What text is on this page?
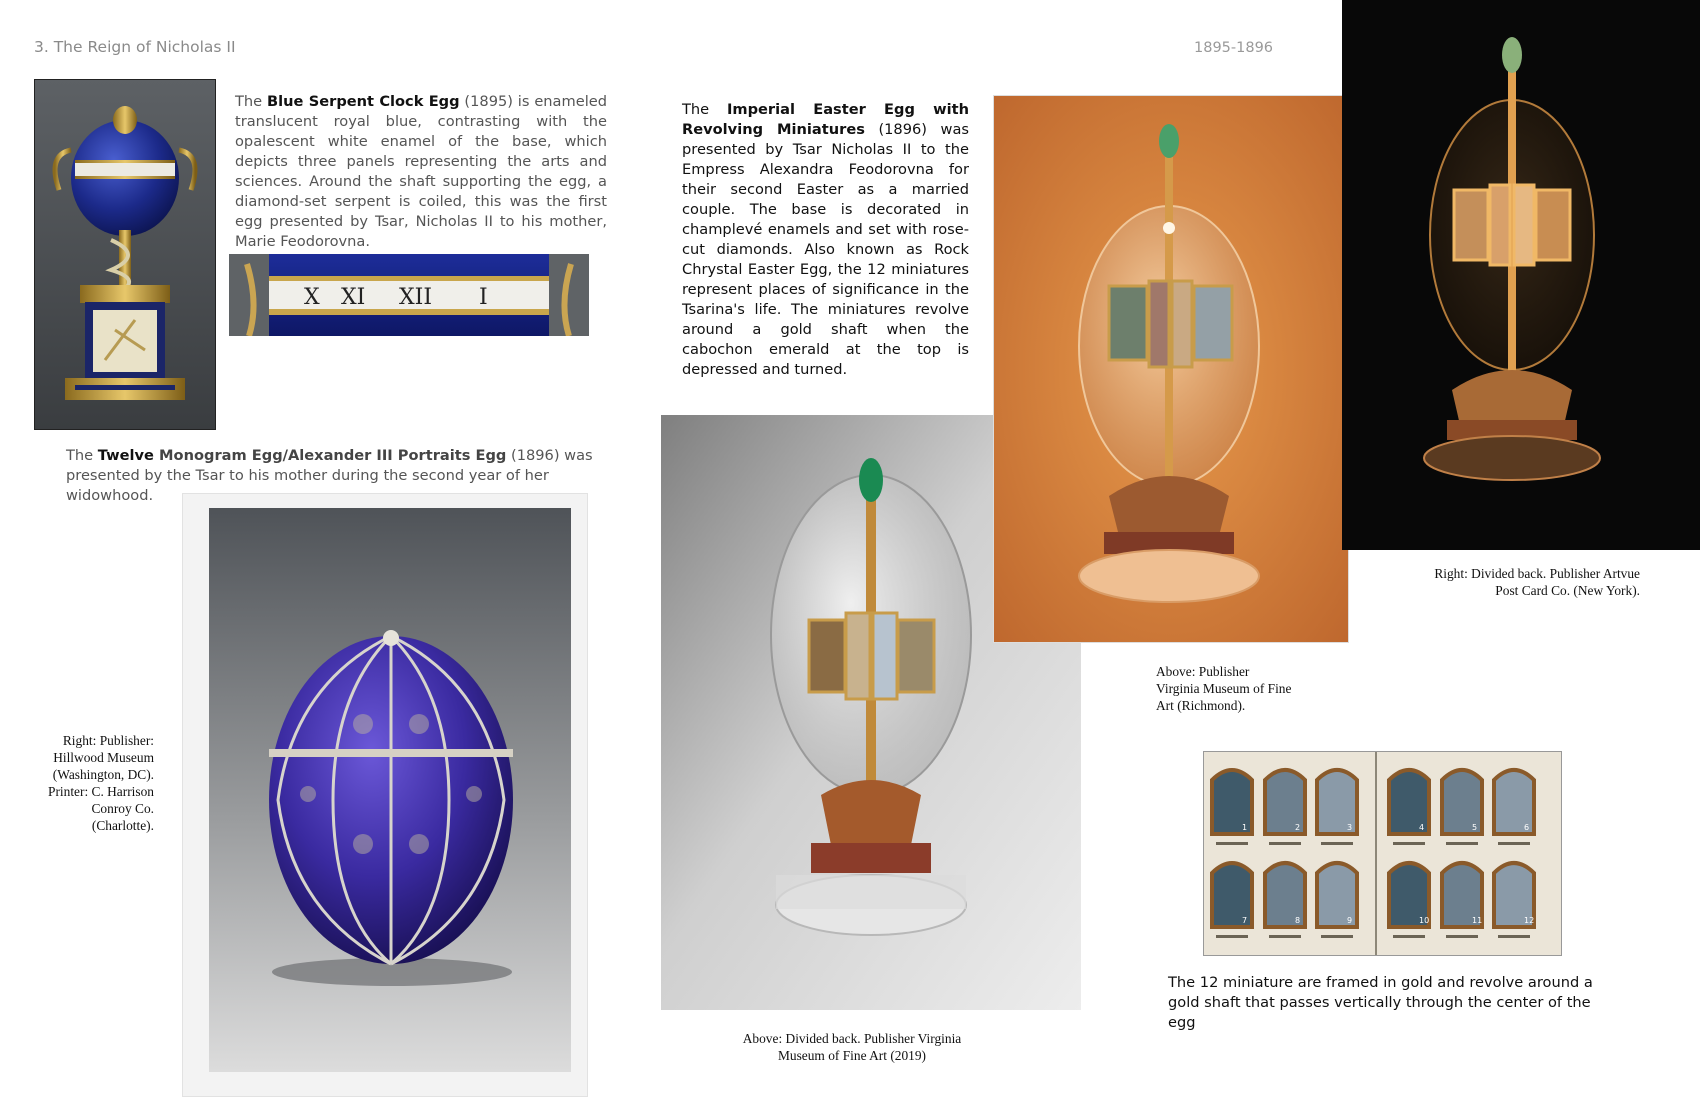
3. The Reign of Nicholas II	1895-1896
The Blue Serpent Clock Egg (1895) is enameled translucent royal blue, contrasting with the opalescent white enamel of the base, which depicts three panels representing the arts and sciences. Around the shaft supporting the egg, a diamond-set serpent is coiled, this was the first egg presented by Tsar, Nicholas II to his mother, Marie Feodorovna.
X XI XII I
The Twelve Monogram Egg/Alexander III Portraits Egg (1896) was presented by the Tsar to his mother during the second year of her widowhood.
Right: Publisher: Hillwood Museum (Washington, DC). Printer: C. Harrison Conroy Co. (Charlotte).
The Imperial Easter Egg with Revolving Miniatures (1896) was presented by Tsar Nicholas II to the Empress Alexandra Feodorovna for their second Easter as a married couple. The base is decorated in champlevé enamels and set with rose-cut diamonds. Also known as Rock Chrystal Easter Egg, the 12 miniatures represent places of significance in the Tsarina's life. The miniatures revolve around a gold shaft when the cabochon emerald at the top is depressed and turned.
Above: Divided back. Publisher Virginia Museum of Fine Art (2019)
Above: Publisher Virginia Museum of Fine Art (Richmond).
Right: Divided back. Publisher Artvue Post Card Co. (New York).
1	2	3	4	5	6
7	8	9	10	11	12
The 12 miniature are framed in gold and revolve around a gold shaft that passes vertically through the center of the egg
